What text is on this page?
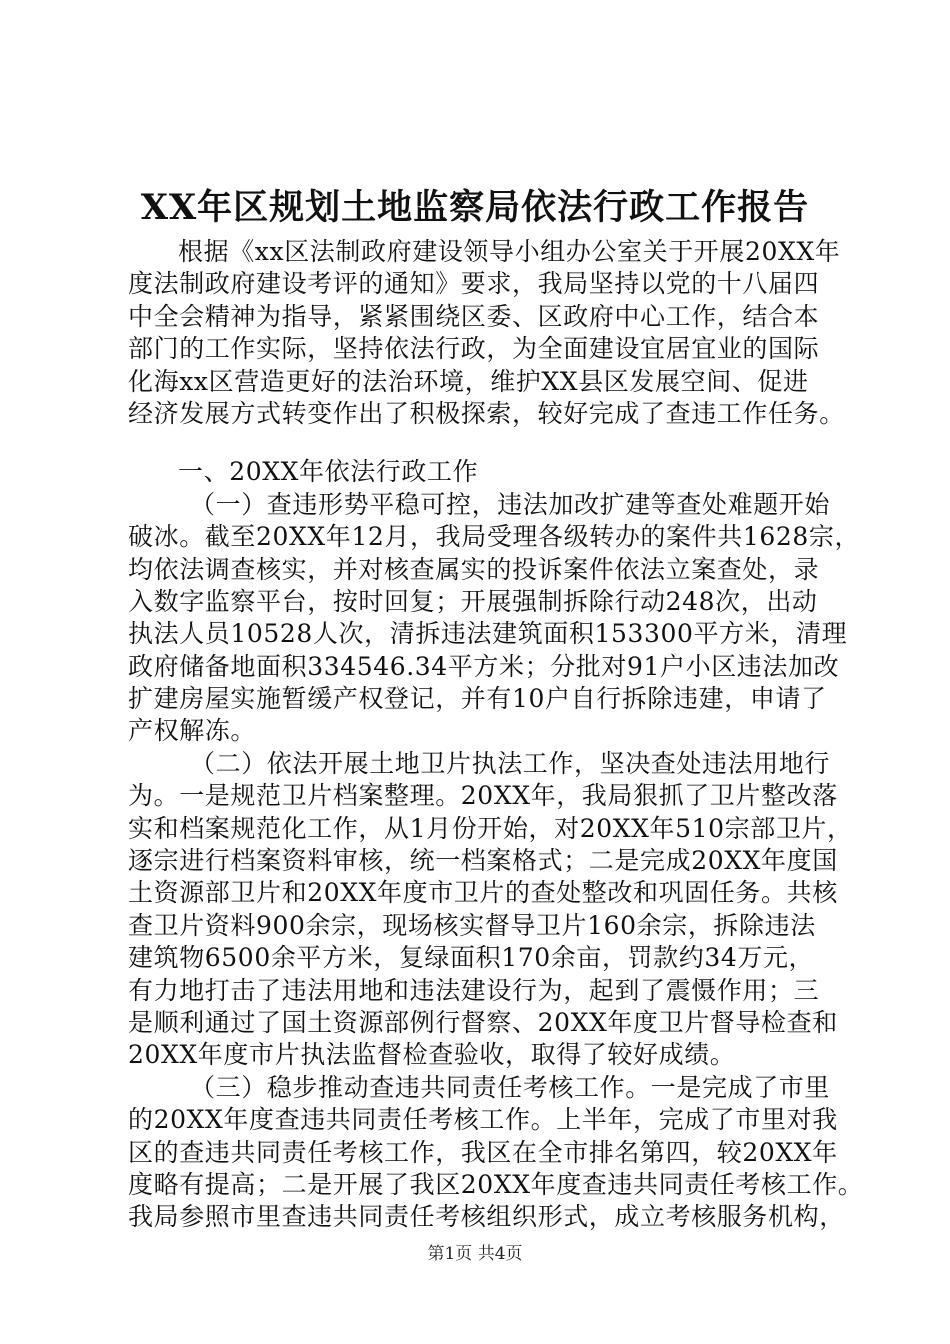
XX年区规划土地监察局依法行政工作报告
根据《xx区法制政府建设领导小组办公室关于开展20XX年
度法制政府建设考评的通知》要求，我局坚持以党的十八届四
中全会精神为指导，紧紧围绕区委、区政府中心工作，结合本
部门的工作实际，坚持依法行政，为全面建设宜居宜业的国际
化海xx区营造更好的法治环境，维护XX县区发展空间、促进
经济发展方式转变作出了积极探索，较好完成了查违工作任务。
一、20XX年依法行政工作
（一）查违形势平稳可控，违法加改扩建等查处难题开始
破冰。截至20XX年12月，我局受理各级转办的案件共1628宗，
均依法调查核实，并对核查属实的投诉案件依法立案查处，录
入数字监察平台，按时回复；开展强制拆除行动248次，出动
执法人员10528人次，清拆违法建筑面积153300平方米，清理
政府储备地面积334546.34平方米；分批对91户小区违法加改
扩建房屋实施暂缓产权登记，并有10户自行拆除违建，申请了
产权解冻。
（二）依法开展土地卫片执法工作，坚决查处违法用地行
为。一是规范卫片档案整理。20XX年，我局狠抓了卫片整改落
实和档案规范化工作，从1月份开始，对20XX年510宗部卫片，
逐宗进行档案资料审核，统一档案格式；二是完成20XX年度国
土资源部卫片和20XX年度市卫片的查处整改和巩固任务。共核
查卫片资料900余宗，现场核实督导卫片160余宗，拆除违法
建筑物6500余平方米，复绿面积170余亩，罚款约34万元，
有力地打击了违法用地和违法建设行为，起到了震慑作用；三
是顺利通过了国土资源部例行督察、20XX年度卫片督导检查和
20XX年度市片执法监督检查验收，取得了较好成绩。
（三）稳步推动查违共同责任考核工作。一是完成了市里
的20XX年度查违共同责任考核工作。上半年，完成了市里对我
区的查违共同责任考核工作，我区在全市排名第四，较20XX年
度略有提高；二是开展了我区20XX年度查违共同责任考核工作。
我局参照市里查违共同责任考核组织形式，成立考核服务机构，
第1页 共4页
